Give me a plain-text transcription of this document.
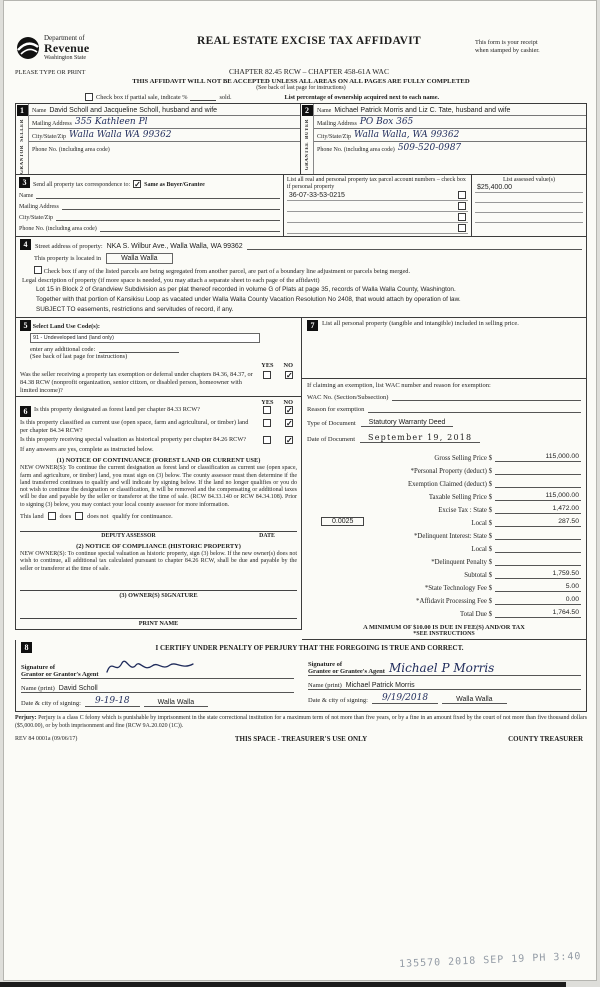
Department of
Revenue
Washington State
REAL ESTATE EXCISE TAX AFFIDAVIT	This form is your receipt
when stamped by cashier.
PLEASE TYPE OR PRINT	CHAPTER 82.45 RCW – CHAPTER 458-61A WAC
THIS AFFIDAVIT WILL NOT BE ACCEPTED UNLESS ALL AREAS ON ALL PAGES ARE FULLY COMPLETED
(See back of last page for instructions)
Check box if partial sale, indicate %	sold.	List percentage of ownership acquired next to each name.
1
SELLER
GRANTOR
Name David Scholl and Jacqueline Scholl, husband and wife
Mailing Address 355 Kathleen Pl
City/State/Zip Walla Walla WA 99362
Phone No. (including area code)
2
BUYER
GRANTEE
Name Michael Patrick Morris and Liz C. Tate, husband and wife
Mailing Address PO Box 365
City/State/Zip Walla Walla, WA 99362
Phone No. (including area code) 509-520-0987
3	Send all property tax correspondence to: ✓ Same as Buyer/Grantee
Name
Mailing Address
City/State/Zip
Phone No. (including area code)
List all real and personal property tax parcel account numbers – check box if personal property
36-07-33-53-0215
List assessed value(s)
$25,400.00
4	Street address of property: NKA S. Wilbur Ave., Walla Walla, WA 99362
This property is located in	Walla Walla
Check box if any of the listed parcels are being segregated from another parcel, are part of a boundary line adjustment or parcels being merged.
Legal description of property (if more space is needed, you may attach a separate sheet to each page of the affidavit)
Lot 15 in Block 2 of Grandview Subdivision as per plat thereof recorded in volume G of Plats at page 35, records of Walla Walla County, Washington.
Together with that portion of Kansikisu Loop as vacated under Walla Walla County Vacation Resolution No 2408, that would attach by operation of law.
SUBJECT TO easements, restrictions and servitudes of record, if any.
5 Select Land Use Code(s):
91 - Undeveloped land (land only)
enter any additional code:
(See back of last page for instructions)
YES NO
Was the seller receiving a property tax exemption or deferral under chapters 84.36, 84.37, or 84.38 RCW (nonprofit organization, senior citizen, or disabled person, homeowner with limited income)?
✓
YES NO
6	Is this property designated as forest land per chapter 84.33 RCW?	✓
Is this property classified as current use (open space, farm and agricultural, or timber) land per chapter 84.34 RCW?
✓
Is this property receiving special valuation as historical property per chapter 84.26 RCW?	✓
If any answers are yes, complete as instructed below.
(1) NOTICE OF CONTINUANCE (FOREST LAND OR CURRENT USE)
NEW OWNER(S): To continue the current designation as forest land or classification as current use (open space, farm and agriculture, or timber) land, you must sign on (3) below. The county assessor must then determine if the land transferred continues to qualify and will indicate by signing below. If the land no longer qualifies or you do not wish to continue the designation or classification, it will be removed and the compensating or additional taxes will be due and payable by the seller or transferor at the time of sale. (RCW 84.33.140 or RCW 84.34.108). Prior to signing (3) below, you may contact your local county assessor for more information.
This land	does	does not qualify for continuance.
DEPUTY ASSESSOR	DATE
(2) NOTICE OF COMPLIANCE (HISTORIC PROPERTY)
NEW OWNER(S): To continue special valuation as historic property, sign (3) below. If the new owner(s) does not wish to continue, all additional tax calculated pursuant to chapter 84.26 RCW, shall be due and payable by the seller or transferor at the time of sale.
(3) OWNER(S) SIGNATURE
PRINT NAME
7	List all personal property (tangible and intangible) included in selling price.
If claiming an exemption, list WAC number and reason for exemption:
WAC No. (Section/Subsection)
Reason for exemption
Type of Document	Statutory Warranty Deed
Date of Document	September 19, 2018
Gross Selling Price $	115,000.00
*Personal Property (deduct) $
Exemption Claimed (deduct) $
Taxable Selling Price $	115,000.00
Excise Tax : State $	1,472.00
0.0025	Local $	287.50
*Delinquent Interest: State $
Local $
*Delinquent Penalty $
Subtotal $	1,759.50
*State Technology Fee $	5.00
*Affidavit Processing Fee $	0.00
Total Due $	1,764.50
A MINIMUM OF $10.00 IS DUE IN FEE(S) AND/OR TAX
*SEE INSTRUCTIONS
8	I CERTIFY UNDER PENALTY OF PERJURY THAT THE FOREGOING IS TRUE AND CORRECT.
Signature of
Grantor or Grantor's Agent
Name (print) David Scholl
Date & city of signing:	9-19-18	Walla Walla
Signature of
Grantee or Grantee's Agent Michael P Morris
Name (print) Michael Patrick Morris
Date & city of signing:	9/19/2018	Walla Walla
Perjury: Perjury is a class C felony which is punishable by imprisonment in the state correctional institution for a maximum term of not more than five years, or by a fine in an amount fixed by the court of not more than five thousand dollars ($5,000.00), or by both imprisonment and fine (RCW 9A.20.020 (1C)).
REV 84 0001a (09/06/17)	THIS SPACE - TREASURER'S USE ONLY	COUNTY TREASURER
135570 2018 SEP 19 PH 3:40
